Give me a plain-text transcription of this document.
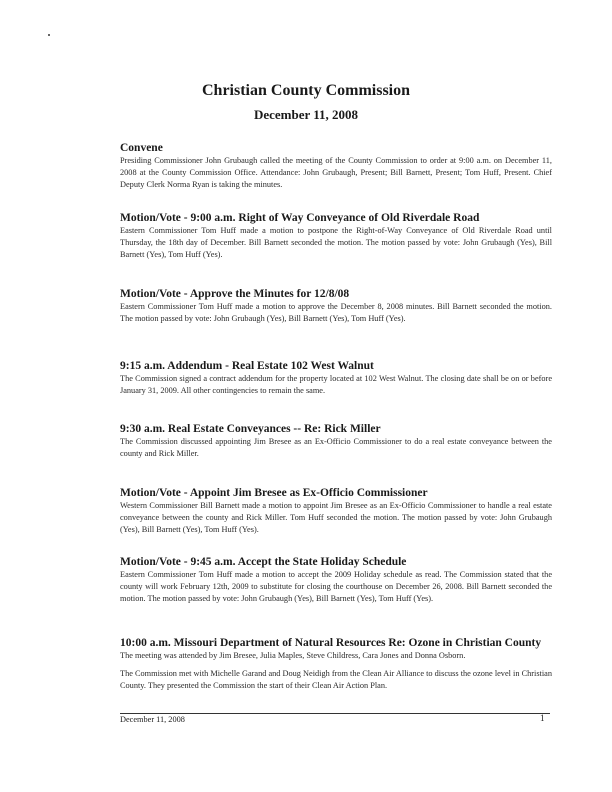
Christian County Commission
December 11, 2008
Convene

Presiding Commissioner John Grubaugh called the meeting of the County Commission to order at 9:00 a.m. on December 11, 2008 at the County Commission Office. Attendance: John Grubaugh, Present; Bill Barnett, Present; Tom Huff, Present. Chief Deputy Clerk Norma Ryan is taking the minutes.

Motion/Vote - 9:00 a.m. Right of Way Conveyance of Old Riverdale Road

Eastern Commissioner Tom Huff made a motion to postpone the Right-of-Way Conveyance of Old Riverdale Road until Thursday, the 18th day of December. Bill Barnett seconded the motion. The motion passed by vote: John Grubaugh (Yes), Bill Barnett (Yes), Tom Huff (Yes).

Motion/Vote - Approve the Minutes for 12/8/08

Eastern Commissioner Tom Huff made a motion to approve the December 8, 2008 minutes. Bill Barnett seconded the motion. The motion passed by vote: John Grubaugh (Yes), Bill Barnett (Yes), Tom Huff (Yes).

9:15 a.m. Addendum - Real Estate 102 West Walnut

The Commission signed a contract addendum for the property located at 102 West Walnut. The closing date shall be on or before January 31, 2009. All other contingencies to remain the same.

9:30 a.m. Real Estate Conveyances -- Re: Rick Miller

The Commission discussed appointing Jim Bresee as an Ex-Officio Commissioner to do a real estate conveyance between the county and Rick Miller.

Motion/Vote - Appoint Jim Bresee as Ex-Officio Commissioner

Western Commissioner Bill Barnett made a motion to appoint Jim Bresee as an Ex-Officio Commissioner to handle a real estate conveyance between the county and Rick Miller. Tom Huff seconded the motion. The motion passed by vote: John Grubaugh (Yes), Bill Barnett (Yes), Tom Huff (Yes).

Motion/Vote - 9:45 a.m. Accept the State Holiday Schedule

Eastern Commissioner Tom Huff made a motion to accept the 2009 Holiday schedule as read. The Commission stated that the county will work February 12th, 2009 to substitute for closing the courthouse on December 26, 2008. Bill Barnett seconded the motion. The motion passed by vote: John Grubaugh (Yes), Bill Barnett (Yes), Tom Huff (Yes).

10:00 a.m. Missouri Department of Natural Resources Re: Ozone in Christian County

The meeting was attended by Jim Bresee, Julia Maples, Steve Childress, Cara Jones and Donna Osborn.

The Commission met with Michelle Garand and Doug Neidigh from the Clean Air Alliance to discuss the ozone level in Christian County. They presented the Commission the start of their Clean Air Action Plan.

December 11, 2008	1
